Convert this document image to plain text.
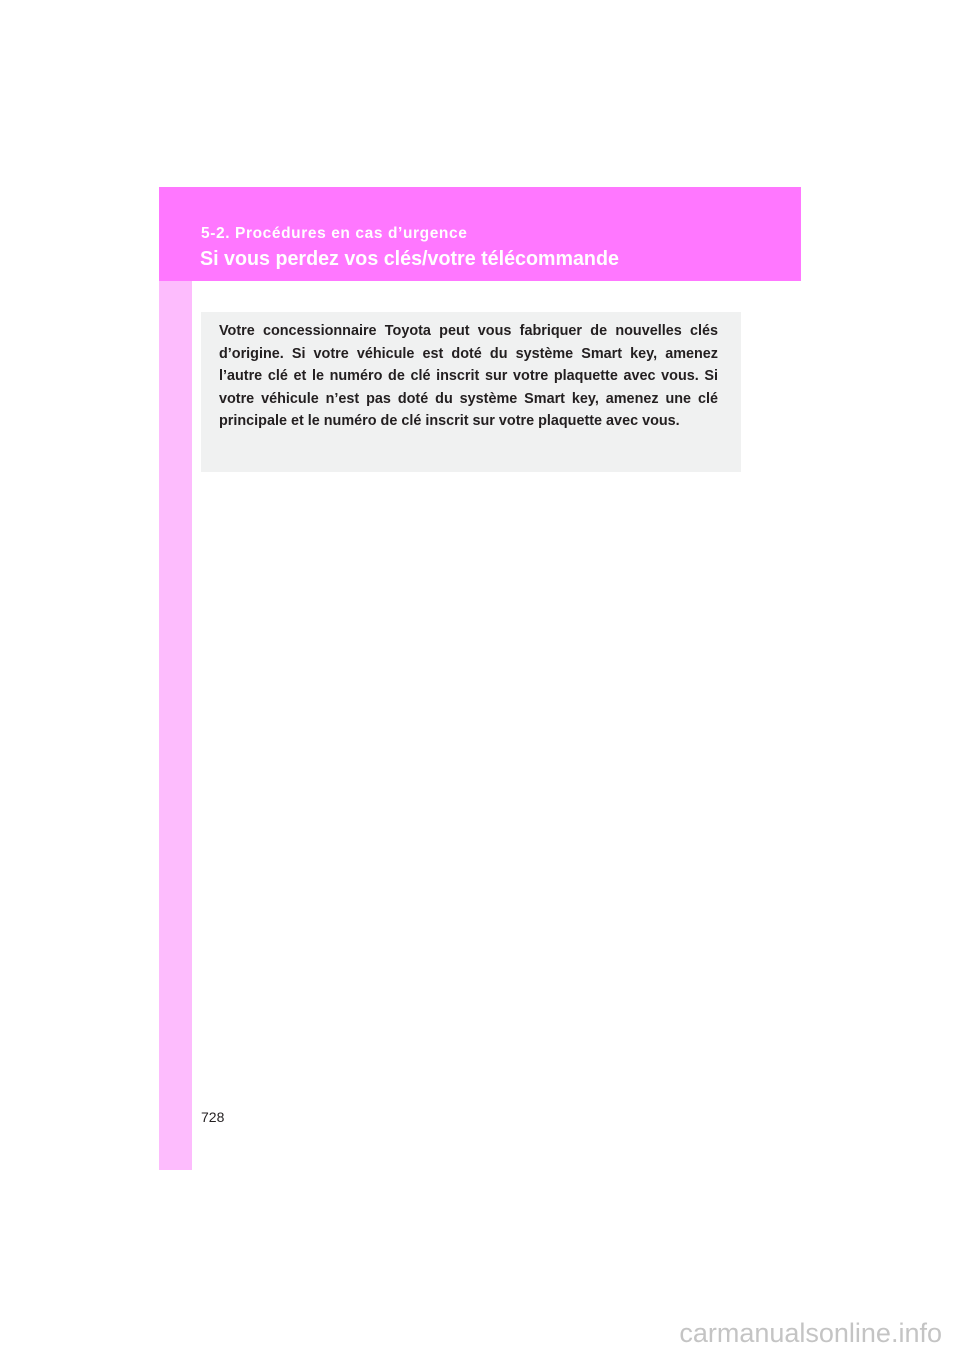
5-2. Procédures en cas d’urgence
Si vous perdez vos clés/votre télécommande

Votre concessionnaire Toyota peut vous fabriquer de nouvelles clés d’origine. Si votre véhicule est doté du système Smart key, amenez l’autre clé et le numéro de clé inscrit sur votre plaquette avec vous. Si votre véhicule n’est pas doté du système Smart key, amenez une clé principale et le numéro de clé inscrit sur votre plaquette avec vous.

728
carmanualsonline.info
